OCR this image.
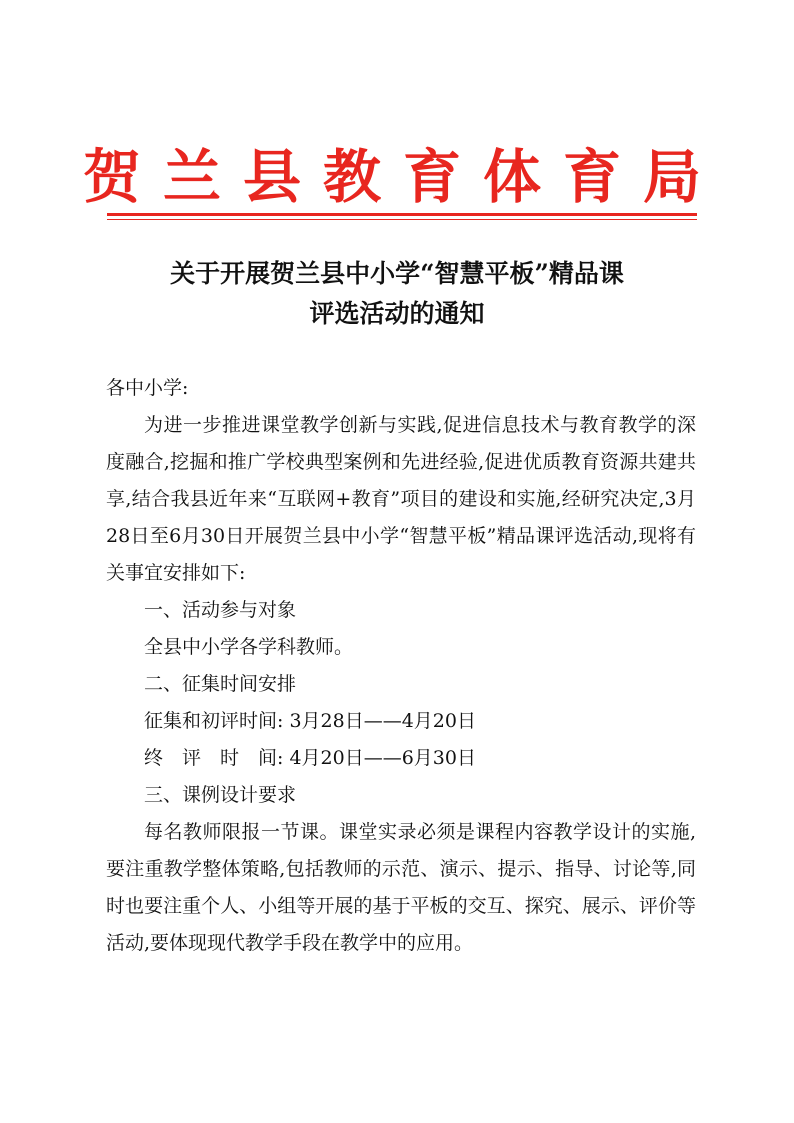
贺兰县教育体育局
关于开展贺兰县中小学“智慧平板”精品课
评选活动的通知

各中小学:

为进一步推进课堂教学创新与实践,促进信息技术与教育教学的深度融合,挖掘和推广学校典型案例和先进经验,促进优质教育资源共建共享,结合我县近年来“互联网+教育”项目的建设和实施,经研究决定,3月28日至6月30日开展贺兰县中小学“智慧平板”精品课评选活动,现将有关事宜安排如下:

一、活动参与对象

全县中小学各学科教师。

二、征集时间安排

征集和初评时间: 3月28日——4月20日

终　评　时　间: 4月20日——6月30日

三、课例设计要求

每名教师限报一节课。课堂实录必须是课程内容教学设计的实施,要注重教学整体策略,包括教师的示范、演示、提示、指导、讨论等,同时也要注重个人、小组等开展的基于平板的交互、探究、展示、评价等活动,要体现现代教学手段在教学中的应用。
